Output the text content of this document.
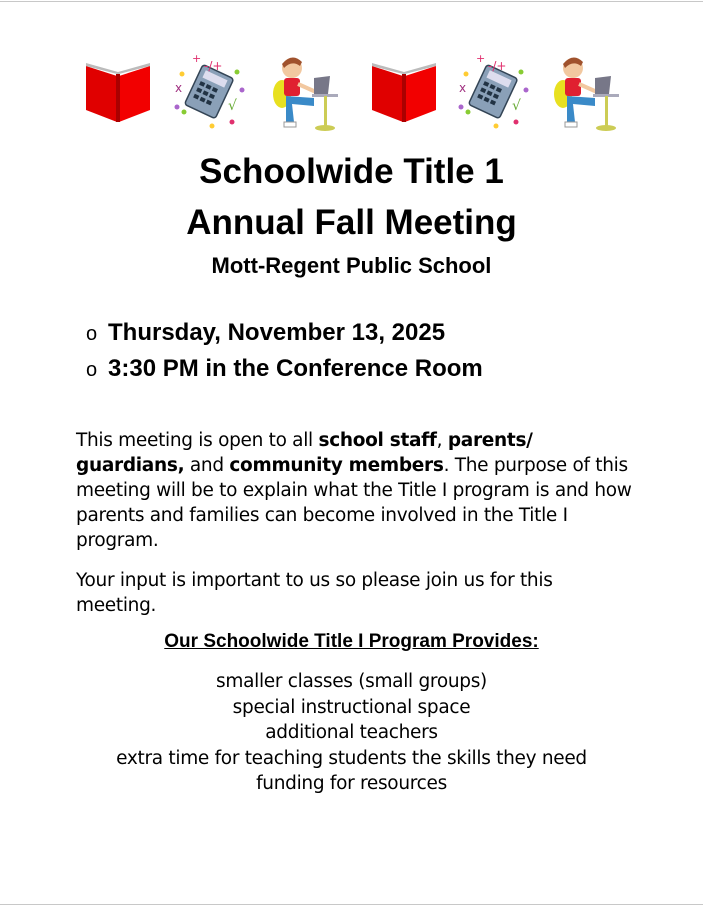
+
-/+
x
√
+
-/+
x
√
Schoolwide Title 1
Annual Fall Meeting
Mott-Regent Public School
o Thursday, November 13, 2025
o 3:30 PM in the Conference Room
This meeting is open to all school staff, parents/ guardians, and community members. The purpose of this meeting will be to explain what the Title I program is and how parents and families can become involved in the Title I program.
Your input is important to us so please join us for this meeting.
Our Schoolwide Title I Program Provides:
smaller classes (small groups)
special instructional space
additional teachers
extra time for teaching students the skills they need
funding for resources
